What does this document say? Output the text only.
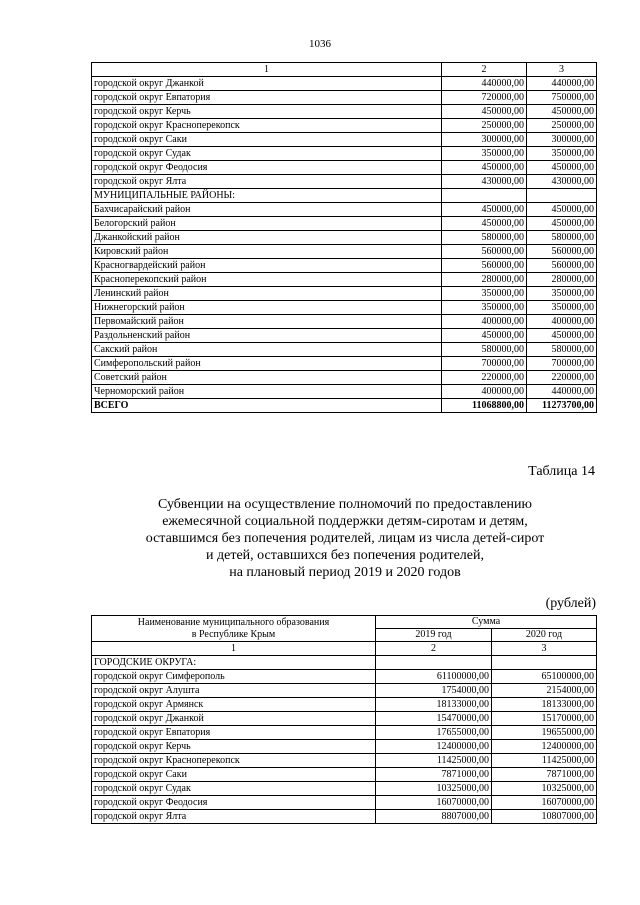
1036
1	2	3
городской округ Джанкой	440000,00	440000,00
городской округ Евпатория	720000,00	750000,00
городской округ Керчь	450000,00	450000,00
городской округ Красноперекопск	250000,00	250000,00
городской округ Саки	300000,00	300000,00
городской округ Судак	350000,00	350000,00
городской округ Феодосия	450000,00	450000,00
городской округ Ялта	430000,00	430000,00
МУНИЦИПАЛЬНЫЕ РАЙОНЫ:		
Бахчисарайский район	450000,00	450000,00
Белогорский район	450000,00	450000,00
Джанкойский район	580000,00	580000,00
Кировский район	560000,00	560000,00
Красногвардейский район	560000,00	560000,00
Красноперекопский район	280000,00	280000,00
Ленинский район	350000,00	350000,00
Нижнегорский район	350000,00	350000,00
Первомайский район	400000,00	400000,00
Раздольненский район	450000,00	450000,00
Сакский район	580000,00	580000,00
Симферопольский район	700000,00	700000,00
Советский район	220000,00	220000,00
Черноморский район	400000,00	440000,00
ВСЕГО	11068800,00	11273700,00
Таблица 14
Субвенции на осуществление полномочий по предоставлению
ежемесячной социальной поддержки детям-сиротам и детям,
оставшимся без попечения родителей, лицам из числа детей-сирот
и детей, оставшихся без попечения родителей,
на плановый период 2019 и 2020 годов
(рублей)
Наименование муниципального образования
в Республике Крым	Сумма	
	2019 год	2020 год
1	2	3
ГОРОДСКИЕ ОКРУГА:		
городской округ Симферополь	61100000,00	65100000,00
городской округ Алушта	1754000,00	2154000,00
городской округ Армянск	18133000,00	18133000,00
городской округ Джанкой	15470000,00	15170000,00
городской округ Евпатория	17655000,00	19655000,00
городской округ Керчь	12400000,00	12400000,00
городской округ Красноперекопск	11425000,00	11425000,00
городской округ Саки	7871000,00	7871000,00
городской округ Судак	10325000,00	10325000,00
городской округ Феодосия	16070000,00	16070000,00
городской округ Ялта	8807000,00	10807000,00
